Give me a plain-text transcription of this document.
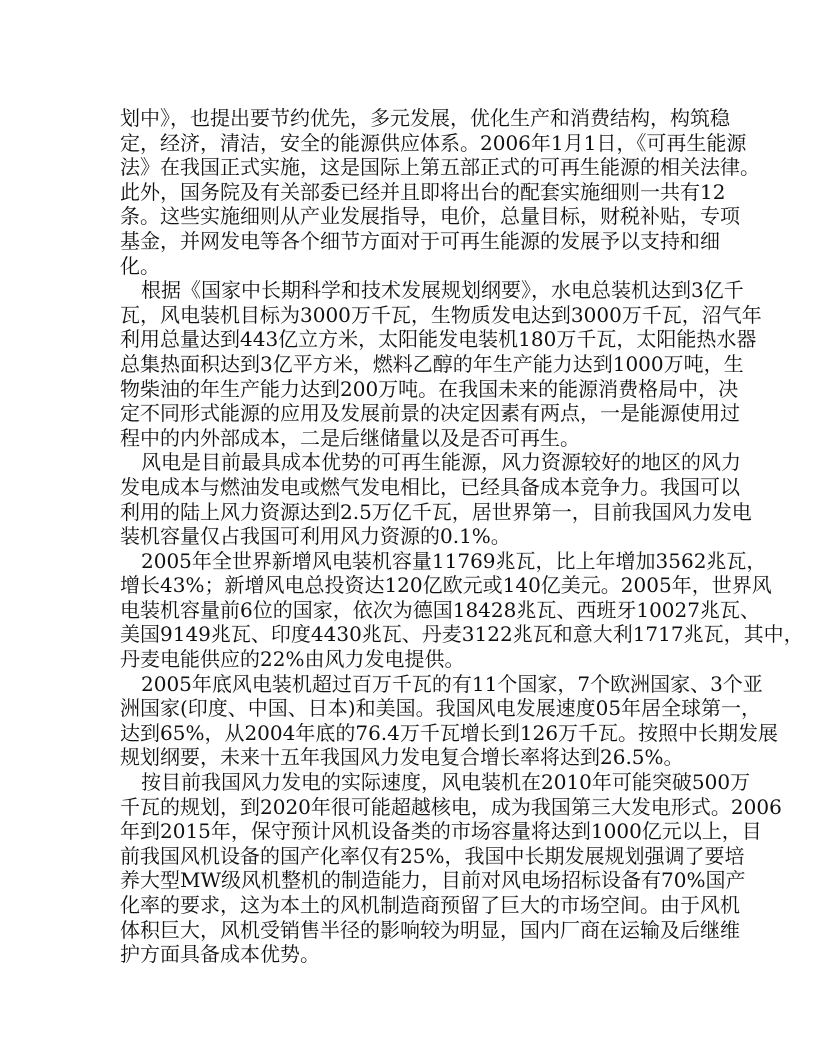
划中》，也提出要节约优先，多元发展，优化生产和消费结构，构筑稳
定，经济，清洁，安全的能源供应体系。2006年1月1日，《可再生能源
法》在我国正式实施，这是国际上第五部正式的可再生能源的相关法律。
此外，国务院及有关部委已经并且即将出台的配套实施细则一共有12
条。这些实施细则从产业发展指导，电价，总量目标，财税补贴，专项
基金，并网发电等各个细节方面对于可再生能源的发展予以支持和细
化。
根据《国家中长期科学和技术发展规划纲要》，水电总装机达到3亿千
瓦，风电装机目标为3000万千瓦，生物质发电达到3000万千瓦，沼气年
利用总量达到443亿立方米，太阳能发电装机180万千瓦，太阳能热水器
总集热面积达到3亿平方米，燃料乙醇的年生产能力达到1000万吨，生
物柴油的年生产能力达到200万吨。在我国未来的能源消费格局中，决
定不同形式能源的应用及发展前景的决定因素有两点，一是能源使用过
程中的内外部成本，二是后继储量以及是否可再生。
风电是目前最具成本优势的可再生能源，风力资源较好的地区的风力
发电成本与燃油发电或燃气发电相比，已经具备成本竞争力。我国可以
利用的陆上风力资源达到2.5万亿千瓦，居世界第一，目前我国风力发电
装机容量仅占我国可利用风力资源的0.1%。
2005年全世界新增风电装机容量11769兆瓦，比上年增加3562兆瓦，
增长43%；新增风电总投资达120亿欧元或140亿美元。2005年，世界风
电装机容量前6位的国家，依次为德国18428兆瓦、西班牙10027兆瓦、
美国9149兆瓦、印度4430兆瓦、丹麦3122兆瓦和意大利1717兆瓦，其中，
丹麦电能供应的22%由风力发电提供。
2005年底风电装机超过百万千瓦的有11个国家，7个欧洲国家、3个亚
洲国家(印度、中国、日本)和美国。我国风电发展速度05年居全球第一，
达到65%，从2004年底的76.4万千瓦增长到126万千瓦。按照中长期发展
规划纲要，未来十五年我国风力发电复合增长率将达到26.5%。
按目前我国风力发电的实际速度，风电装机在2010年可能突破500万
千瓦的规划，到2020年很可能超越核电，成为我国第三大发电形式。2006
年到2015年，保守预计风机设备类的市场容量将达到1000亿元以上，目
前我国风机设备的国产化率仅有25%，我国中长期发展规划强调了要培
养大型MW级风机整机的制造能力，目前对风电场招标设备有70%国产
化率的要求，这为本土的风机制造商预留了巨大的市场空间。由于风机
体积巨大，风机受销售半径的影响较为明显，国内厂商在运输及后继维
护方面具备成本优势。
